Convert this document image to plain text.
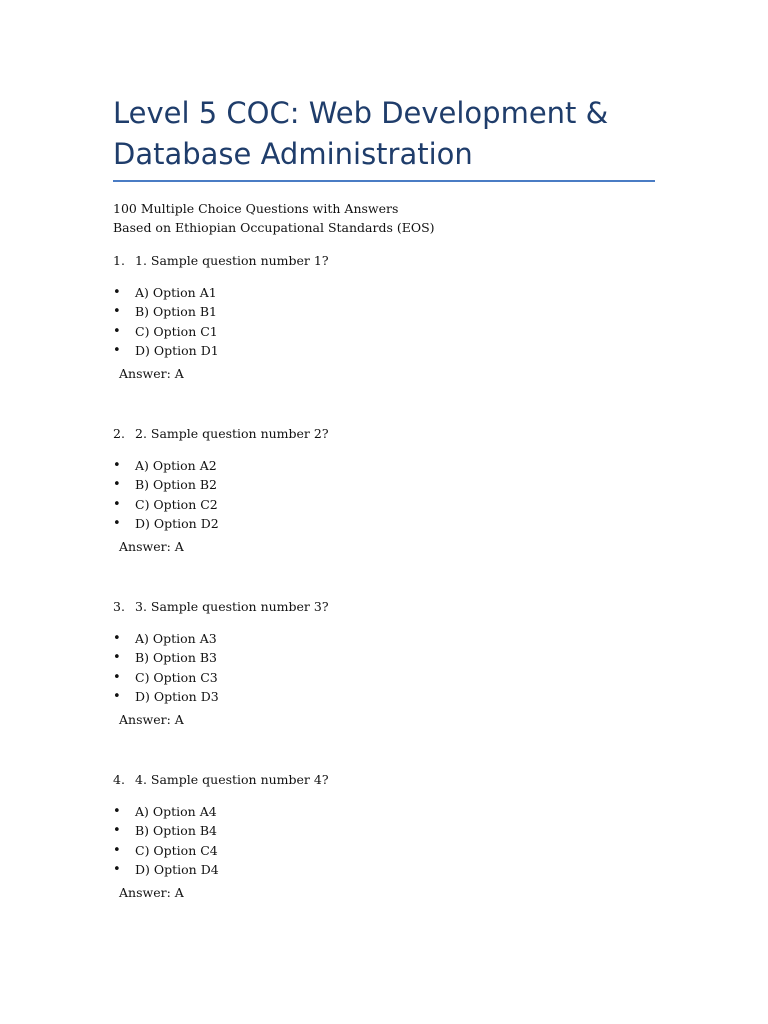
Level 5 COC: Web Development & Database Administration
100 Multiple Choice Questions with Answers
Based on Ethiopian Occupational Standards (EOS)
1. 1. Sample question number 1?
•	A) Option A1
•	B) Option B1
•	C) Option C1
•	D) Option D1
Answer: A
2. 2. Sample question number 2?
•	A) Option A2
•	B) Option B2
•	C) Option C2
•	D) Option D2
Answer: A
3. 3. Sample question number 3?
•	A) Option A3
•	B) Option B3
•	C) Option C3
•	D) Option D3
Answer: A
4. 4. Sample question number 4?
•	A) Option A4
•	B) Option B4
•	C) Option C4
•	D) Option D4
Answer: A
